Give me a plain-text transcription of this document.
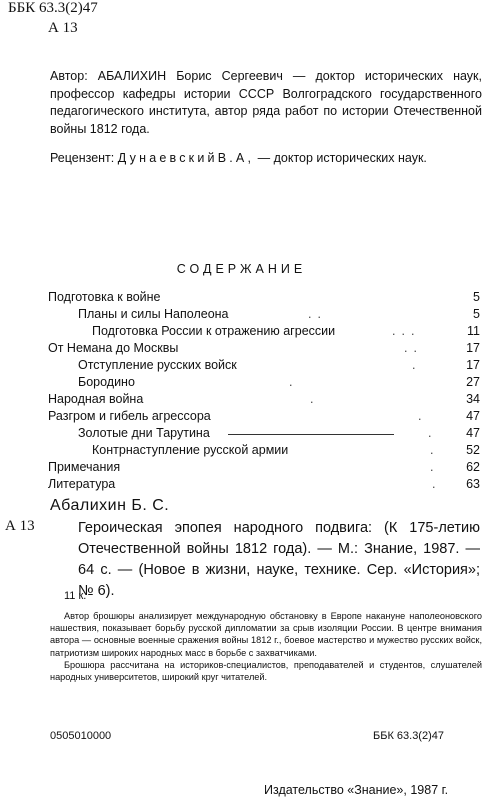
ББК 63.3(2)47
А 13
Автор: АБАЛИХИН Борис Сергеевич — доктор исторических наук, профессор кафедры истории СССР Волгоградского государственного педагогического института, автор ряда работ по истории Отечественной войны 1812 года.
Рецензент: ДунаевскийВ.А, — доктор исторических наук.
СОДЕРЖАНИЕ
Подготовка к войне	5
Планы и силы Наполеона	..	5
Подготовка России к отражению агрессии	...	11
От Немана до Москвы	..	17
Отступление русских войск	.	17
Бородино	.	27
Народная война	.	34
Разгром и гибель агрессора	.	47
Золотые дни Тарутина	.	47
Контрнаступление русской армии	.	52
Примечания	.	62
Литература	.	63
Абалихин Б. С.
А 13	Героическая эпопея народного подвига: (К 175-летию Отечественной войны 1812 года). — М.: Знание, 1987. — 64 с. — (Новое в жизни, науке, технике. Сер. «История»; № 6).
11 к.

Автор брошюры анализирует международную обстановку в Европе накануне наполеоновского нашествия, показывает борьбу русской дипломатии за срыв изоляции России. В центре внимания автора — основные военные сражения войны 1812 г., боевое мастерство и мужество русских войск, патриотизм широких народных масс в борьбе с захватчиками.

Брошюра рассчитана на историков-специалистов, преподавателей и студентов, слушателей народных университетов, широкий круг читателей.

0505010000	ББК 63.3(2)47
Издательство «Знание», 1987 г.
